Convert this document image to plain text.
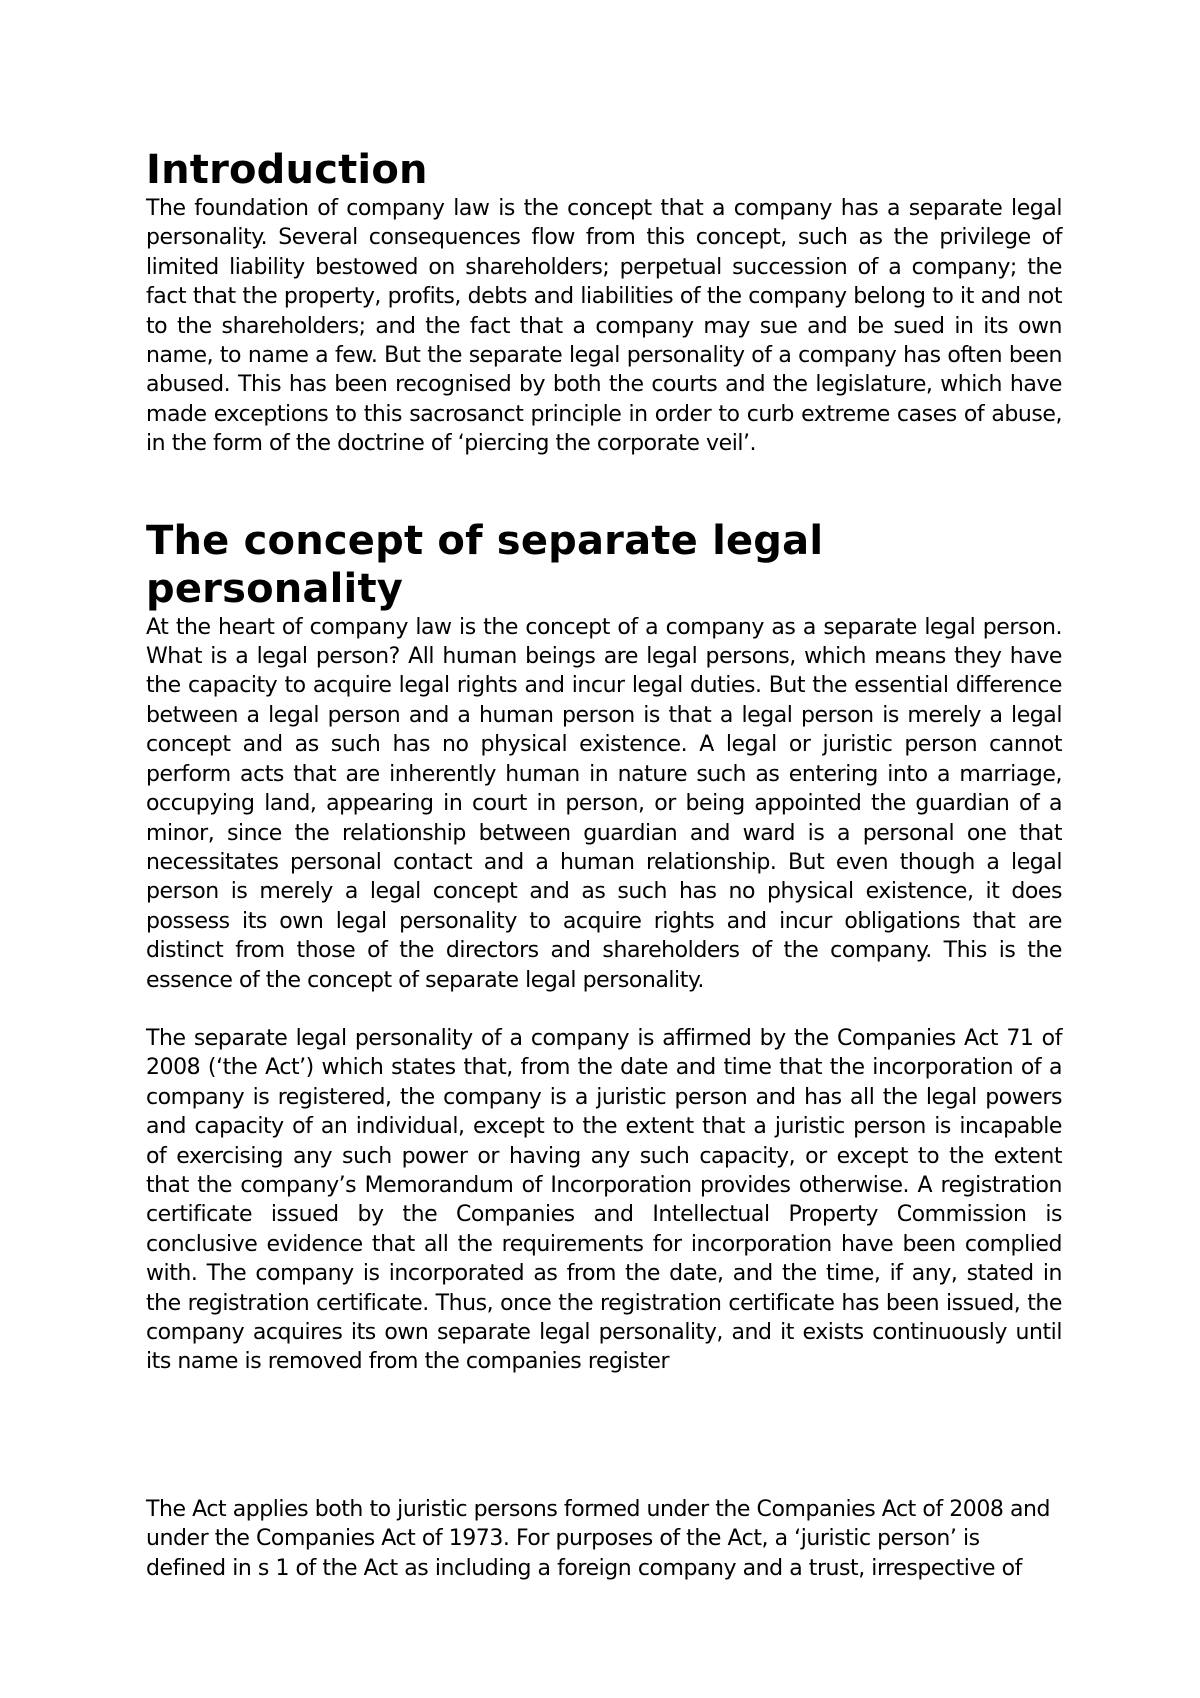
Introduction

The foundation of company law is the concept that a company has a separate legal personality. Several consequences flow from this concept, such as the privilege of limited liability bestowed on shareholders; perpetual succession of a company; the fact that the property, profits, debts and liabilities of the company belong to it and not to the shareholders; and the fact that a company may sue and be sued in its own name, to name a few. But the separate legal personality of a company has often been abused. This has been recognised by both the courts and the legislature, which have made exceptions to this sacrosanct principle in order to curb extreme cases of abuse, in the form of the doctrine of ‘piercing the corporate veil’.

The concept of separate legal personality

At the heart of company law is the concept of a company as a separate legal person. What is a legal person? All human beings are legal persons, which means they have the capacity to acquire legal rights and incur legal duties. But the essential difference between a legal person and a human person is that a legal person is merely a legal concept and as such has no physical existence. A legal or juristic person cannot perform acts that are inherently human in nature such as entering into a marriage, occupying land, appearing in court in person, or being appointed the guardian of a minor, since the relationship between guardian and ward is a personal one that necessitates personal contact and a human relationship. But even though a legal person is merely a legal concept and as such has no physical existence, it does possess its own legal personality to acquire rights and incur obligations that are distinct from those of the directors and shareholders of the company. This is the essence of the concept of separate legal personality.

The separate legal personality of a company is affirmed by the Companies Act 71 of 2008 (‘the Act’) which states that, from the date and time that the incorporation of a company is registered, the company is a juristic person and has all the legal powers and capacity of an individual, except to the extent that a juristic person is incapable of exercising any such power or having any such capacity, or except to the extent that the company’s Memorandum of Incorporation provides otherwise. A registration certificate issued by the Companies and Intellectual Property Commission is conclusive evidence that all the requirements for incorporation have been complied with. The company is incorporated as from the date, and the time, if any, stated in the registration certificate. Thus, once the registration certificate has been issued, the company acquires its own separate legal personality, and it exists continuously until its name is removed from the companies register

The Act applies both to juristic persons formed under the Companies Act of 2008 and under the Companies Act of 1973. For purposes of the Act, a ‘juristic person’ is defined in s 1 of the Act as including a foreign company and a trust, irrespective of
